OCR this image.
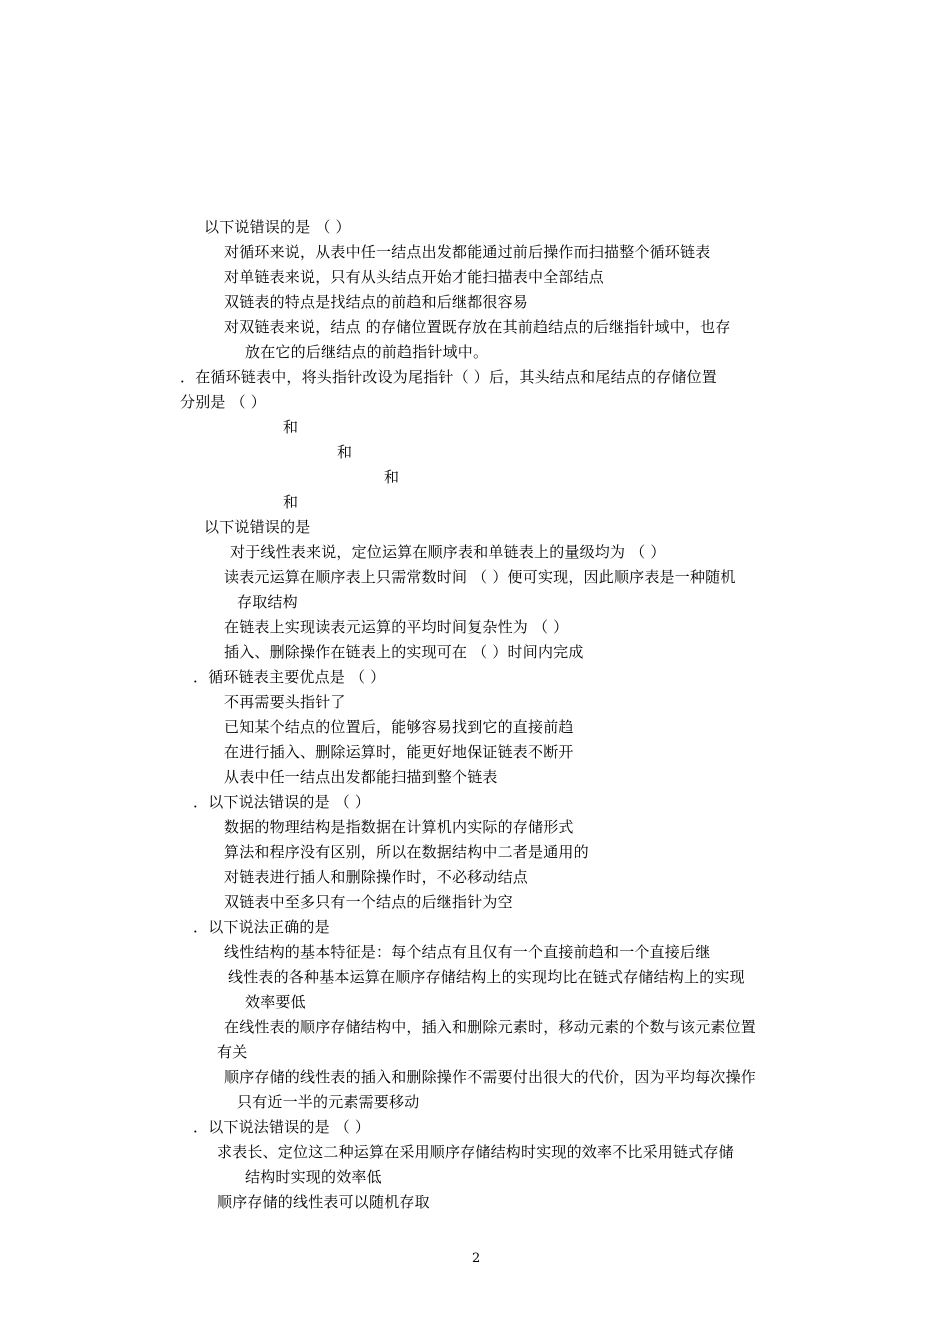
以下说错误的是 （ ）
对循环来说，从表中任一结点出发都能通过前后操作而扫描整个循环链表
对单链表来说，只有从头结点开始才能扫描表中全部结点
双链表的特点是找结点的前趋和后继都很容易
对双链表来说，结点 的存储位置既存放在其前趋结点的后继指针域中，也存
放在它的后继结点的前趋指针域中。
．在循环链表中，将头指针改设为尾指针（ ）后，其头结点和尾结点的存储位置
分别是 （ ）
和
和
和
和
以下说错误的是
对于线性表来说，定位运算在顺序表和单链表上的量级均为 （ ）
读表元运算在顺序表上只需常数时间 （ ）便可实现，因此顺序表是一种随机
存取结构
在链表上实现读表元运算的平均时间复杂性为 （ ）
插入、删除操作在链表上的实现可在 （ ）时间内完成
．循环链表主要优点是 （ ）
不再需要头指针了
已知某个结点的位置后，能够容易找到它的直接前趋
在进行插入、删除运算时，能更好地保证链表不断开
从表中任一结点出发都能扫描到整个链表
．以下说法错误的是 （ ）
数据的物理结构是指数据在计算机内实际的存储形式
算法和程序没有区别，所以在数据结构中二者是通用的
对链表进行插人和删除操作时，不必移动结点
双链表中至多只有一个结点的后继指针为空
．以下说法正确的是
线性结构的基本特征是：每个结点有且仅有一个直接前趋和一个直接后继
线性表的各种基本运算在顺序存储结构上的实现均比在链式存储结构上的实现
效率要低
在线性表的顺序存储结构中，插入和删除元素时，移动元素的个数与该元素位置
有关
顺序存储的线性表的插入和删除操作不需要付出很大的代价，因为平均每次操作
只有近一半的元素需要移动
．以下说法错误的是 （ ）
求表长、定位这二种运算在采用顺序存储结构时实现的效率不比采用链式存储
结构时实现的效率低
顺序存储的线性表可以随机存取
2
